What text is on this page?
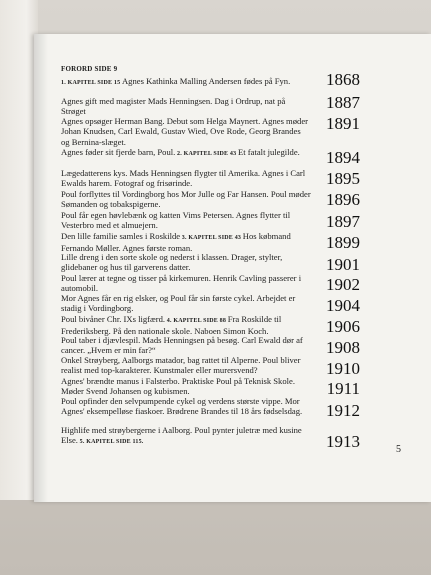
FORORD SIDE 9
1. KAPITEL SIDE 15 Agnes Kathinka Malling Andersen fødes på Fyn.	1868
Agnes gift med magister Mads Henningsen. Dag i Ordrup, nat på Strøget	1887
Agnes opsøger Herman Bang. Debut som Helga Maynert. Agnes møder Johan Knudsen, Carl Ewald, Gustav Wied, Ove Rode, Georg Brandes og Bernina-slæget.
1891
Agnes føder sit fjerde barn, Poul. 2. KAPITEL SIDE 43 Et fatalt julegilde.	1894
Lægedatterens kys. Mads Henningsen flygter til Amerika. Agnes i Carl Ewalds harem. Fotograf og frisørinde.	1895
Poul forflyttes til Vordingborg hos Mor Julle og Far Hansen. Poul møder Sømanden og tobakspigerne.	1896
Poul får egen høvlebænk og katten Vims Petersen. Agnes flytter til Vesterbro med et almuejern.	1897
Den lille familie samles i Roskilde 3. KAPITEL SIDE 43 Hos købmand Fernando Møller. Agnes første roman.	1899
Lille dreng i den sorte skole og nederst i klassen. Drager, stylter, glidebaner og hus til garverens datter.	1901
Poul lærer at tegne og tisser på kirkemuren. Henrik Cavling passerer i automobil.	1902
Mor Agnes får en rig elsker, og Poul får sin første cykel. Arbejdet er stadig i Vordingborg.	1904
Poul bivåner Chr. IXs ligfærd. 4. KAPITEL SIDE 88 Fra Roskilde til Frederiksberg. På den nationale skole. Naboen Simon Koch.	1906
Poul taber i djævlespil. Mads Henningsen på besøg. Carl Ewald dør af cancer. „Hvem er min far?“	1908
Onkel Strøyberg, Aalborgs matador, bag rattet til Alperne. Poul bliver realist med top-karakterer. Kunstmaler eller murersvend?	1910
Agnes' brændte manus i Falsterbo. Praktiske Poul på Teknisk Skole. Møder Svend Johansen og kubismen.	1911
Poul opfinder den selvpumpende cykel og verdens største vippe. Mor Agnes' eksempelløse fiaskoer. Brødrene Brandes til 18 års fødselsdag.	1912
Highlife med strøybergerne i Aalborg. Poul pynter juletræ med kusine Else. 5. KAPITEL SIDE 115.	1913	5
